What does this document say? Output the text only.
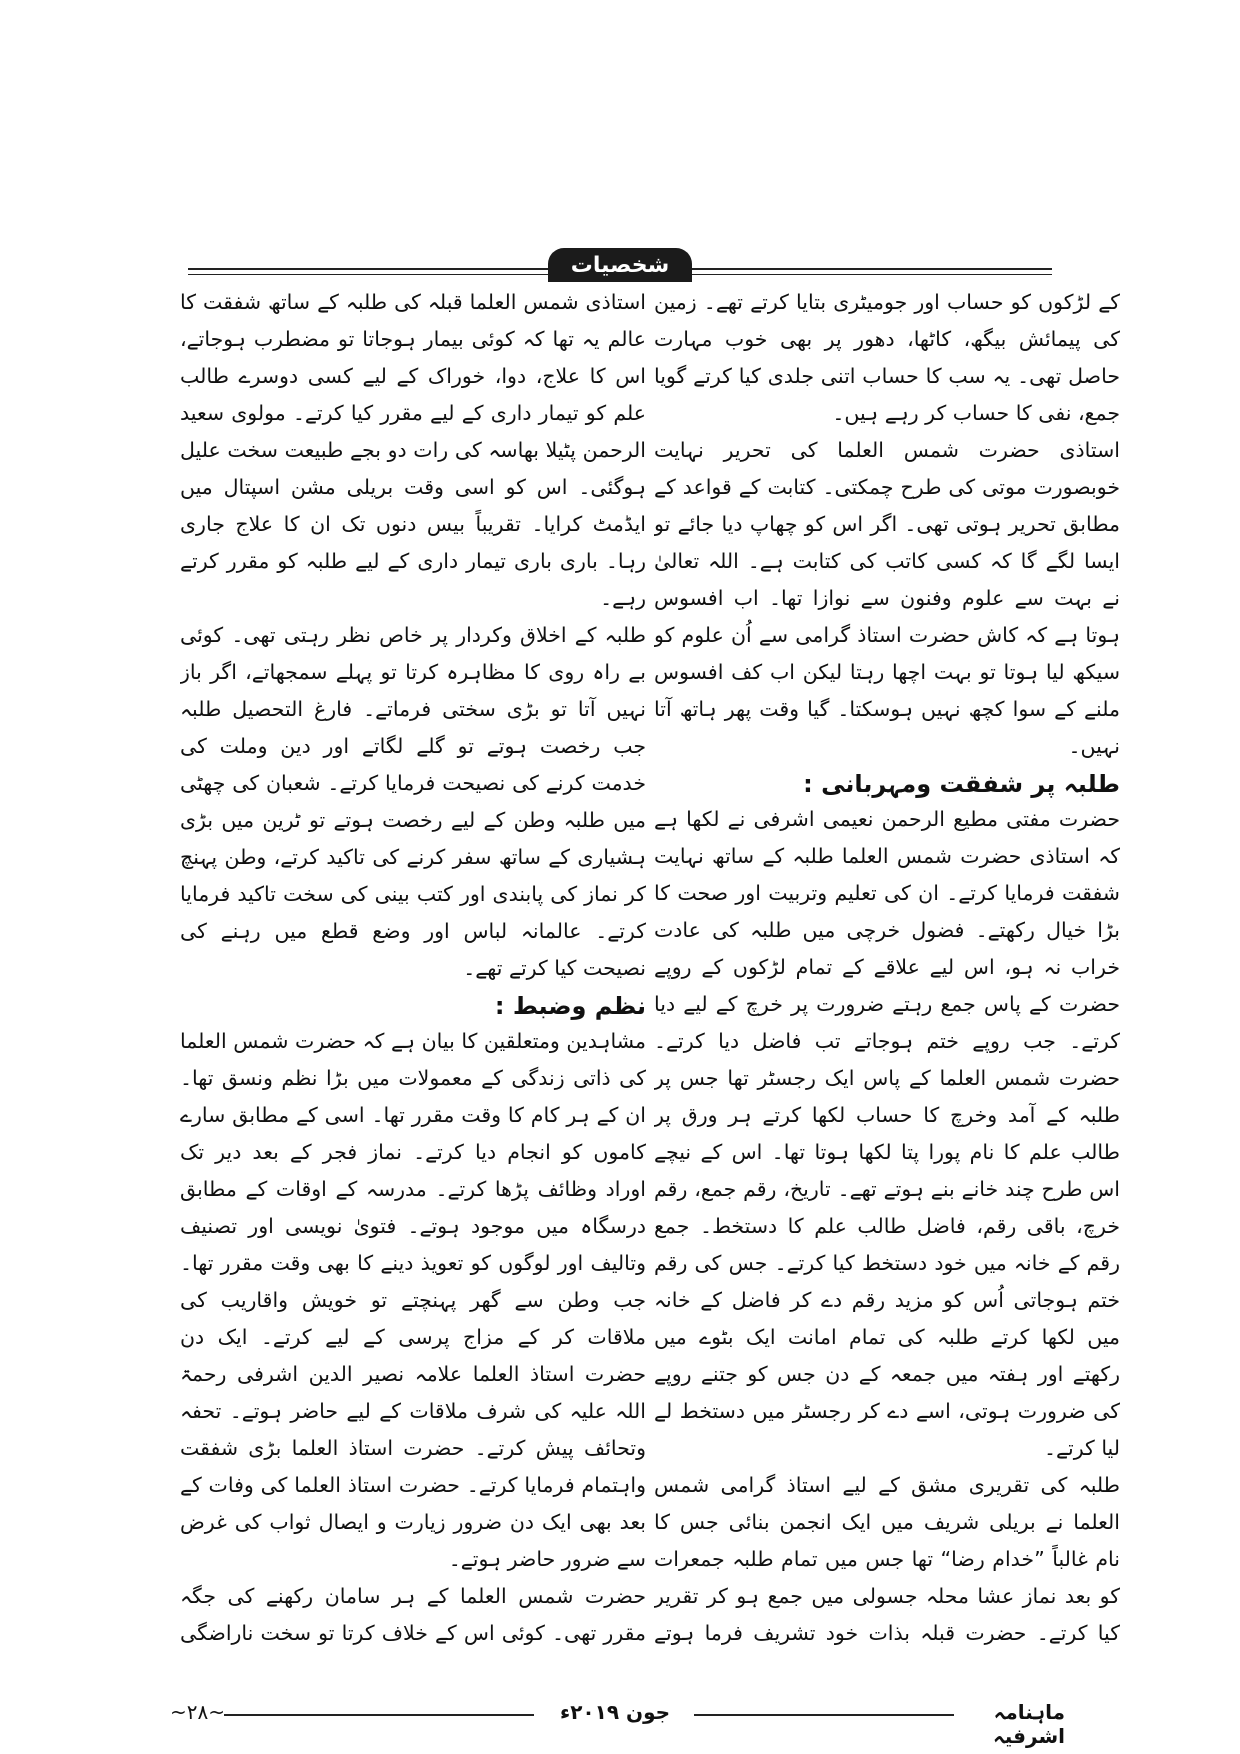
شخصیات

کے لڑکوں کو حساب اور جومیٹری بتایا کرتے تھے۔ زمین کی پیمائش بیگھ، کاٹھا، دھور پر بھی خوب مہارت حاصل تھی۔ یہ سب کا حساب اتنی جلدی کیا کرتے گویا جمع، نفی کا حساب کر رہے ہیں۔

استاذی حضرت شمس العلما کی تحریر نہایت خوبصورت موتی کی طرح چمکتی۔ کتابت کے قواعد کے مطابق تحریر ہوتی تھی۔ اگر اس کو چھاپ دیا جائے تو ایسا لگے گا کہ کسی کاتب کی کتابت ہے۔ اللہ تعالیٰ نے بہت سے علوم وفنون سے نوازا تھا۔ اب افسوس ہوتا ہے کہ کاش حضرت استاذ گرامی سے اُن علوم کو سیکھ لیا ہوتا تو بہت اچھا رہتا لیکن اب کف افسوس ملنے کے سوا کچھ نہیں ہوسکتا۔ گیا وقت پھر ہاتھ آتا نہیں۔

طلبہ پر شفقت ومہربانی :

حضرت مفتی مطیع الرحمن نعیمی اشرفی نے لکھا ہے کہ استاذی حضرت شمس العلما طلبہ کے ساتھ نہایت شفقت فرمایا کرتے۔ ان کی تعلیم وتربیت اور صحت کا بڑا خیال رکھتے۔ فضول خرچی میں طلبہ کی عادت خراب نہ ہو، اس لیے علاقے کے تمام لڑکوں کے روپے حضرت کے پاس جمع رہتے ضرورت پر خرچ کے لیے دیا کرتے۔ جب روپے ختم ہوجاتے تب فاضل دیا کرتے۔ حضرت شمس العلما کے پاس ایک رجسٹر تھا جس پر طلبہ کے آمد وخرچ کا حساب لکھا کرتے ہر ورق پر طالب علم کا نام پورا پتا لکھا ہوتا تھا۔ اس کے نیچے اس طرح چند خانے بنے ہوتے تھے۔ تاریخ، رقم جمع، رقم خرچ، باقی رقم، فاضل طالب علم کا دستخط۔ جمع رقم کے خانہ میں خود دستخط کیا کرتے۔ جس کی رقم ختم ہوجاتی اُس کو مزید رقم دے کر فاضل کے خانہ میں لکھا کرتے طلبہ کی تمام امانت ایک بٹوے میں رکھتے اور ہفتہ میں جمعہ کے دن جس کو جتنے روپے کی ضرورت ہوتی، اسے دے کر رجسٹر میں دستخط لے لیا کرتے۔

طلبہ کی تقریری مشق کے لیے استاذ گرامی شمس العلما نے بریلی شریف میں ایک انجمن بنائی جس کا نام غالباً ”خدام رضا“ تھا جس میں تمام طلبہ جمعرات کو بعد نماز عشا محلہ جسولی میں جمع ہو کر تقریر کیا کرتے۔ حضرت قبلہ بذات خود تشریف فرما ہوتے

استاذی شمس العلما قبلہ کی طلبہ کے ساتھ شفقت کا عالم یہ تھا کہ کوئی بیمار ہوجاتا تو مضطرب ہوجاتے، اس کا علاج، دوا، خوراک کے لیے کسی دوسرے طالب علم کو تیمار داری کے لیے مقرر کیا کرتے۔ مولوی سعید الرحمن پٹیلا بھاسہ کی رات دو بجے طبیعت سخت علیل ہوگئی۔ اس کو اسی وقت بریلی مشن اسپتال میں ایڈمٹ کرایا۔ تقریباً بیس دنوں تک ان کا علاج جاری رہا۔ باری باری تیمار داری کے لیے طلبہ کو مقرر کرتے رہے۔

طلبہ کے اخلاق وکردار پر خاص نظر رہتی تھی۔ کوئی بے راہ روی کا مظاہرہ کرتا تو پہلے سمجھاتے، اگر باز نہیں آتا تو بڑی سختی فرماتے۔ فارغ التحصیل طلبہ جب رخصت ہوتے تو گلے لگاتے اور دین وملت کی خدمت کرنے کی نصیحت فرمایا کرتے۔ شعبان کی چھٹی میں طلبہ وطن کے لیے رخصت ہوتے تو ٹرین میں بڑی ہشیاری کے ساتھ سفر کرنے کی تاکید کرتے، وطن پہنچ کر نماز کی پابندی اور کتب بینی کی سخت تاکید فرمایا کرتے۔ عالمانہ لباس اور وضع قطع میں رہنے کی نصیحت کیا کرتے تھے۔

نظم وضبط :

مشاہدین ومتعلقین کا بیان ہے کہ حضرت شمس العلما کی ذاتی زندگی کے معمولات میں بڑا نظم ونسق تھا۔ ان کے ہر کام کا وقت مقرر تھا۔ اسی کے مطابق سارے کاموں کو انجام دیا کرتے۔ نماز فجر کے بعد دیر تک اوراد وظائف پڑھا کرتے۔ مدرسہ کے اوقات کے مطابق درسگاہ میں موجود ہوتے۔ فتویٰ نویسی اور تصنیف وتالیف اور لوگوں کو تعویذ دینے کا بھی وقت مقرر تھا۔ جب وطن سے گھر پہنچتے تو خویش واقاریب کی ملاقات کر کے مزاج پرسی کے لیے کرتے۔ ایک دن حضرت استاذ العلما علامہ نصیر الدین اشرفی رحمۃ اللہ علیہ کی شرف ملاقات کے لیے حاضر ہوتے۔ تحفہ وتحائف پیش کرتے۔ حضرت استاذ العلما بڑی شفقت واہتمام فرمایا کرتے۔ حضرت استاذ العلما کی وفات کے بعد بھی ایک دن ضرور زیارت و ایصال ثواب کی غرض سے ضرور حاضر ہوتے۔

حضرت شمس العلما کے ہر سامان رکھنے کی جگہ مقرر تھی۔ کوئی اس کے خلاف کرتا تو سخت ناراضگی

ماہنامہ اشرفیہ
جون ۲۰۱۹ء
~۲۸~
